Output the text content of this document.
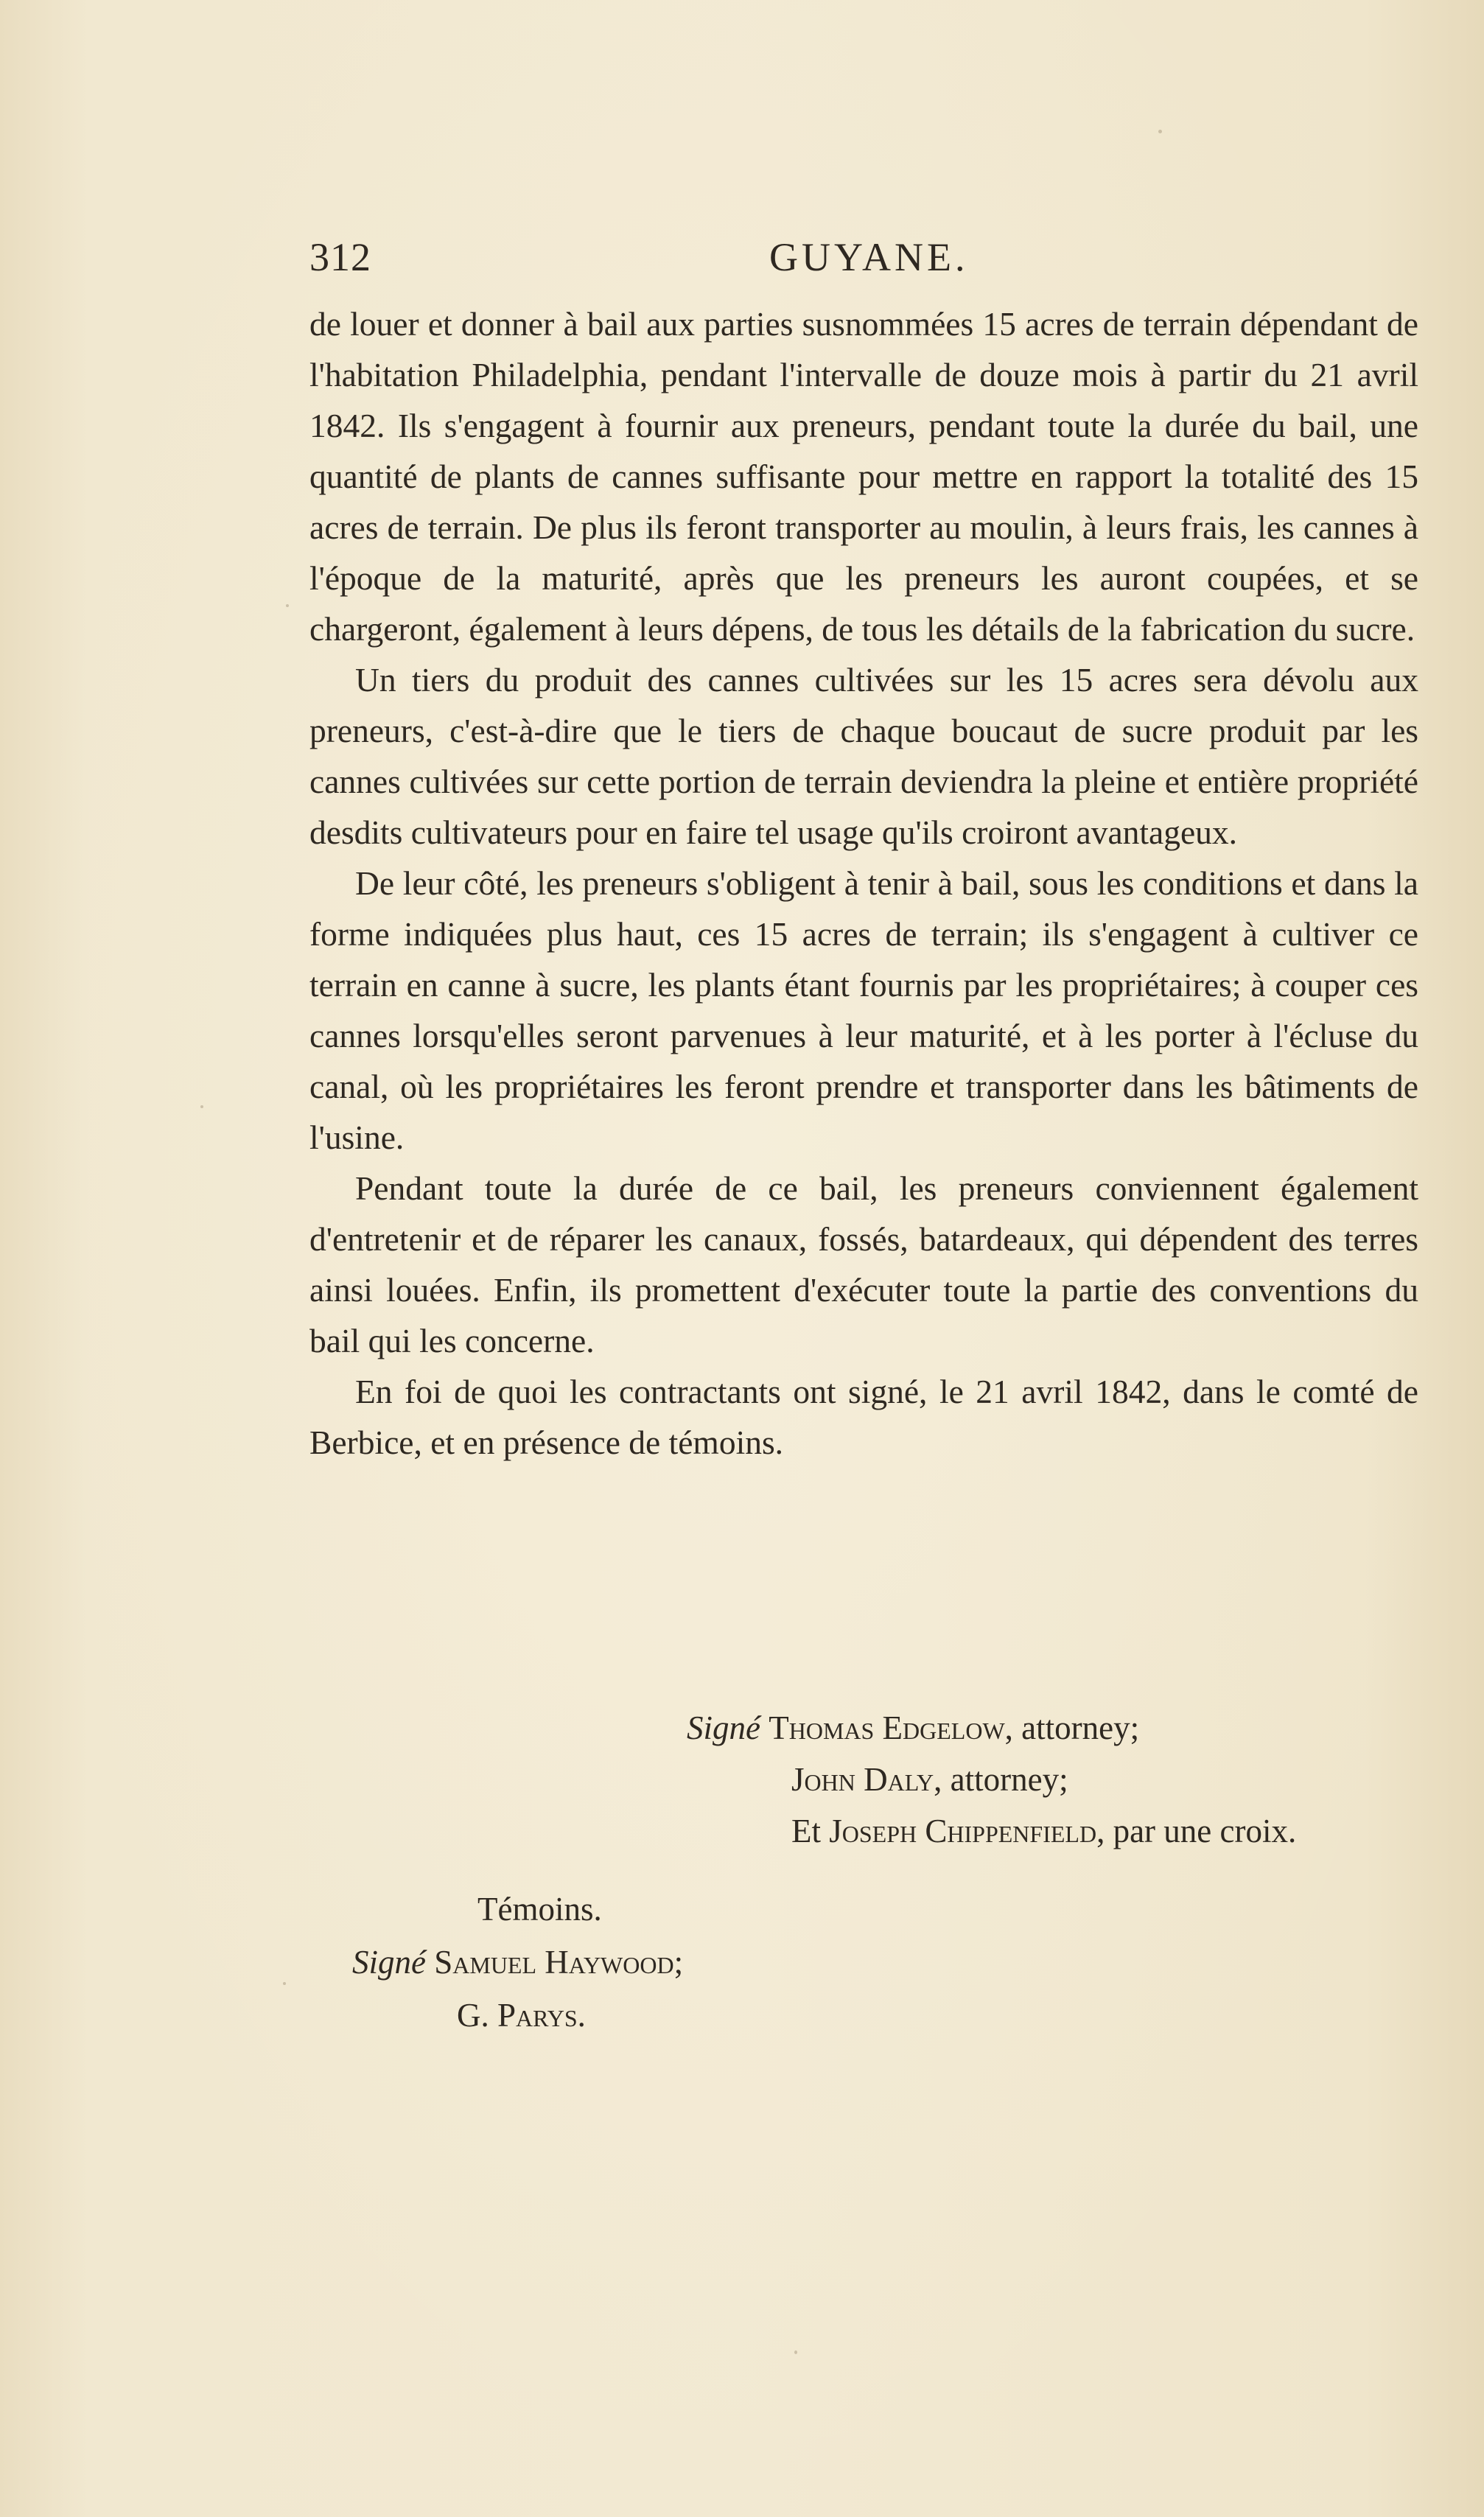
312	GUYANE.

de louer et donner à bail aux parties susnommées 15 acres de terrain dépendant de l'habitation Philadelphia, pendant l'intervalle de douze mois à partir du 21 avril 1842. Ils s'engagent à fournir aux preneurs, pendant toute la durée du bail, une quantité de plants de cannes suffisante pour mettre en rapport la totalité des 15 acres de terrain. De plus ils feront transporter au moulin, à leurs frais, les cannes à l'époque de la maturité, après que les preneurs les auront coupées, et se chargeront, également à leurs dépens, de tous les détails de la fabrication du sucre.

Un tiers du produit des cannes cultivées sur les 15 acres sera dévolu aux preneurs, c'est-à-dire que le tiers de chaque boucaut de sucre produit par les cannes cultivées sur cette portion de terrain deviendra la pleine et entière propriété desdits cultivateurs pour en faire tel usage qu'ils croiront avantageux.

De leur côté, les preneurs s'obligent à tenir à bail, sous les conditions et dans la forme indiquées plus haut, ces 15 acres de terrain; ils s'engagent à cultiver ce terrain en canne à sucre, les plants étant fournis par les propriétaires; à couper ces cannes lorsqu'elles seront parvenues à leur maturité, et à les porter à l'écluse du canal, où les propriétaires les feront prendre et transporter dans les bâtiments de l'usine.

Pendant toute la durée de ce bail, les preneurs conviennent également d'entretenir et de réparer les canaux, fossés, batardeaux, qui dépendent des terres ainsi louées. Enfin, ils promettent d'exécuter toute la partie des conventions du bail qui les concerne.

En foi de quoi les contractants ont signé, le 21 avril 1842, dans le comté de Berbice, et en présence de témoins.

Signé Thomas Edgelow, attorney;
John Daly, attorney;
Et Joseph Chippenfield, par une croix.
Témoins.
Signé Samuel Haywood;
G. Parys.
